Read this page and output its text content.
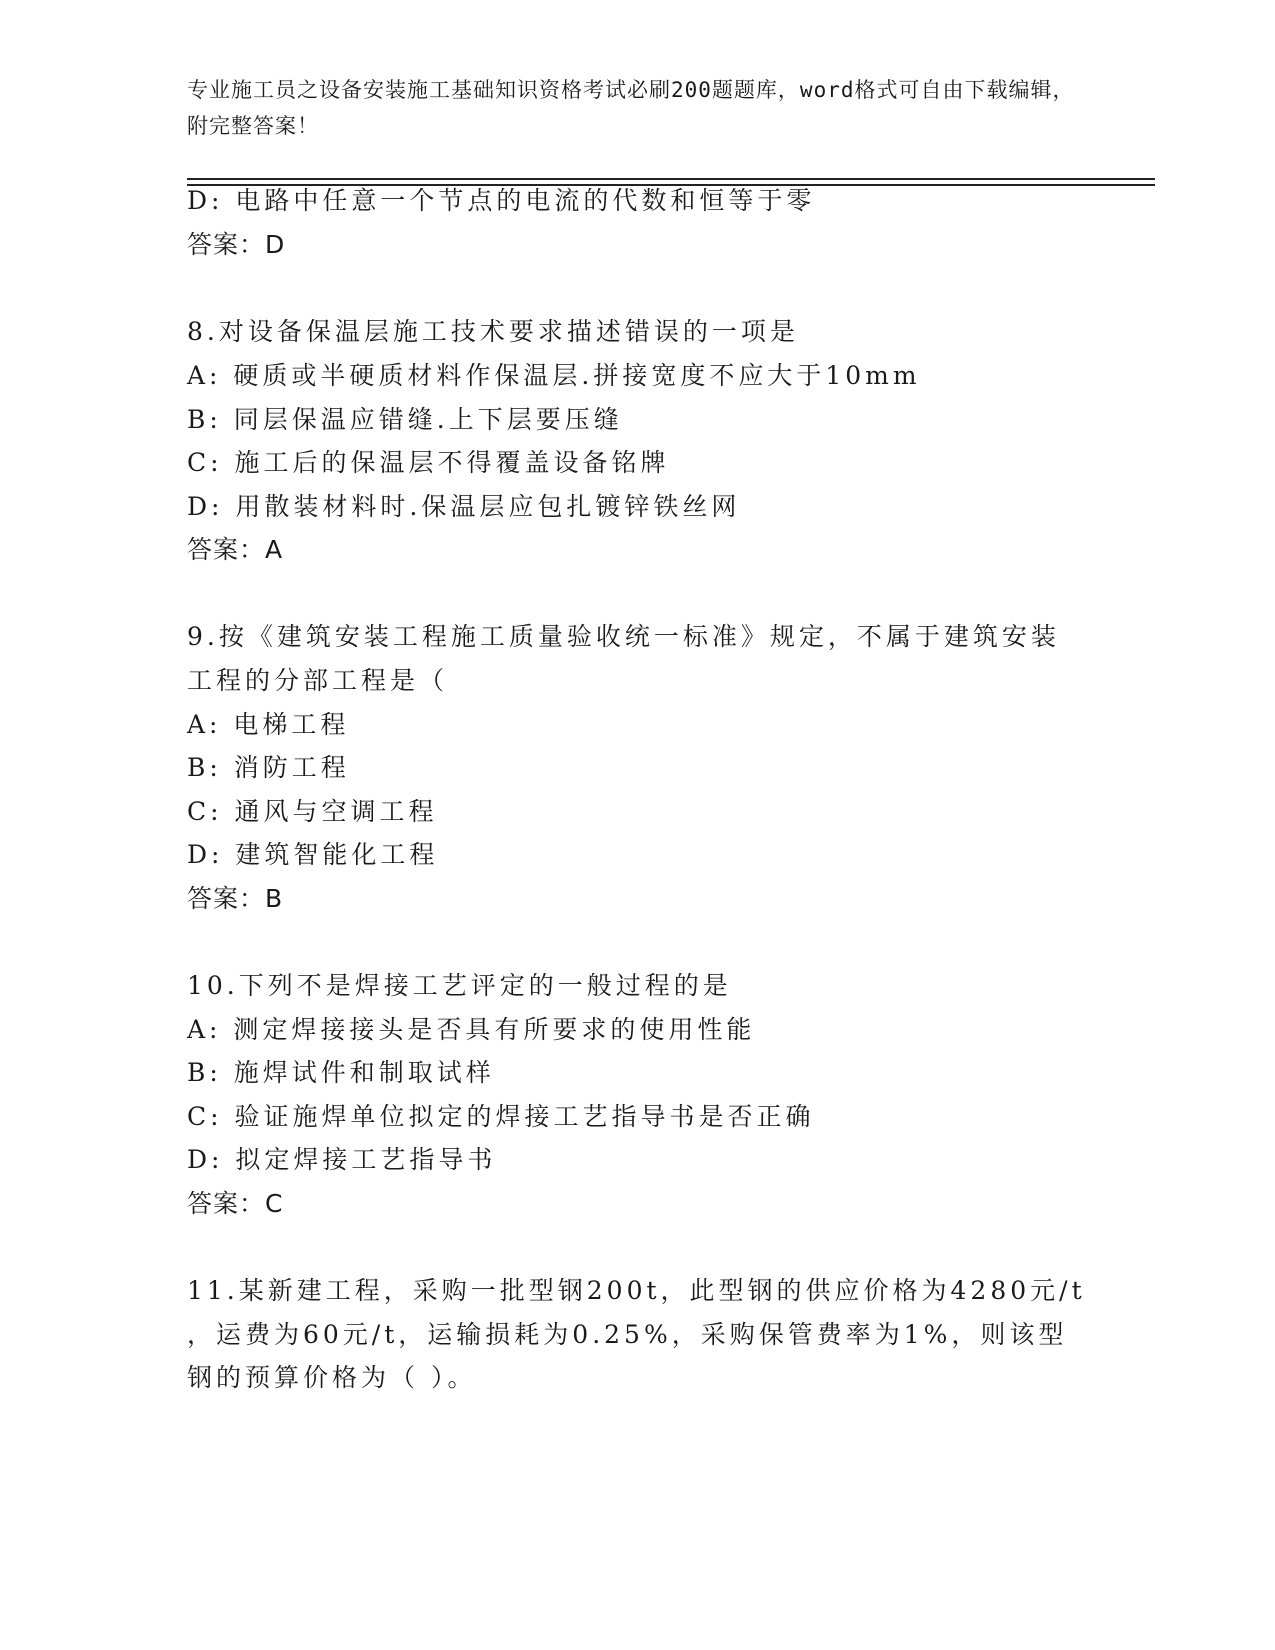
专业施工员之设备安装施工基础知识资格考试必刷200题题库，word格式可自由下载编辑，附完整答案！
D: 电路中任意一个节点的电流的代数和恒等于零
答案：D
8.对设备保温层施工技术要求描述错误的一项是
A: 硬质或半硬质材料作保温层.拼接宽度不应大于10mm
B: 同层保温应错缝.上下层要压缝
C: 施工后的保温层不得覆盖设备铭牌
D: 用散装材料时.保温层应包扎镀锌铁丝网
答案：A
9.按《建筑安装工程施工质量验收统一标准》规定，不属于建筑安装
工程的分部工程是（
A: 电梯工程
B: 消防工程
C: 通风与空调工程
D: 建筑智能化工程
答案：B
10.下列不是焊接工艺评定的一般过程的是
A: 测定焊接接头是否具有所要求的使用性能
B: 施焊试件和制取试样
C: 验证施焊单位拟定的焊接工艺指导书是否正确
D: 拟定焊接工艺指导书
答案：C
11.某新建工程，采购一批型钢200t，此型钢的供应价格为4280元/t
，运费为60元/t，运输损耗为0.25%，采购保管费率为1%，则该型
钢的预算价格为（ ）。
